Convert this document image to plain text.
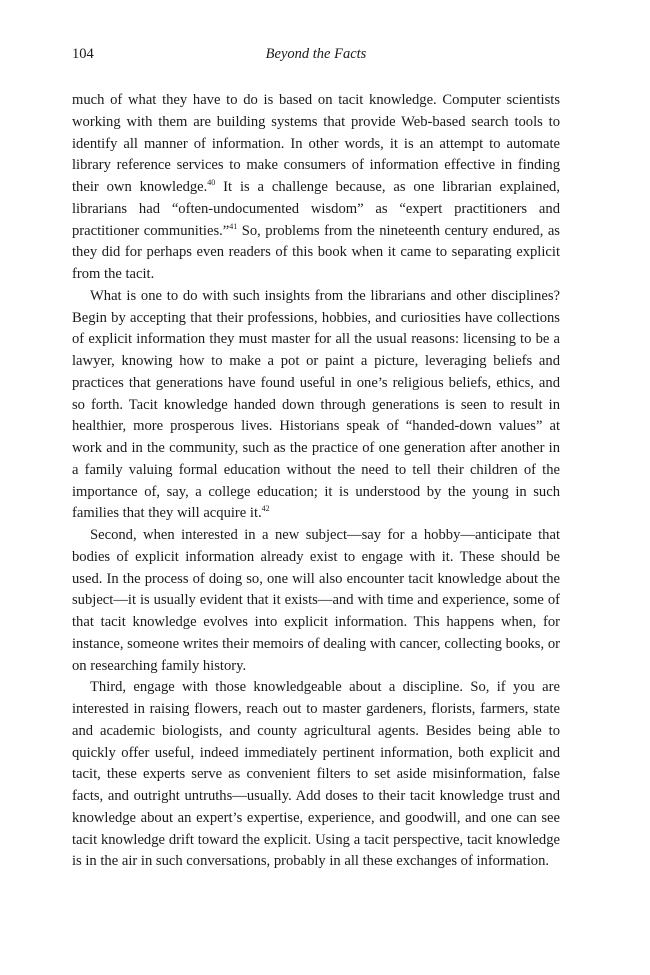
104	Beyond the Facts

much of what they have to do is based on tacit knowledge. Computer scientists working with them are building systems that provide Web-based search tools to identify all manner of information. In other words, it is an attempt to automate library reference services to make consumers of information effective in finding their own knowledge.$^{40}$ It is a challenge because, as one librarian explained, librarians had “often-undocumented wisdom” as “expert practitioners and practitioner communities.”$^{41}$ So, problems from the nineteenth century endured, as they did for perhaps even readers of this book when it came to separating explicit from the tacit.

What is one to do with such insights from the librarians and other disciplines? Begin by accepting that their professions, hobbies, and curiosities have collections of explicit information they must master for all the usual reasons: licensing to be a lawyer, knowing how to make a pot or paint a picture, leveraging beliefs and practices that generations have found useful in one’s religious beliefs, ethics, and so forth. Tacit knowledge handed down through generations is seen to result in healthier, more prosperous lives. Historians speak of “handed-down values” at work and in the community, such as the practice of one generation after another in a family valuing formal education without the need to tell their children of the importance of, say, a college education; it is understood by the young in such families that they will acquire it.$^{42}$

Second, when interested in a new subject—say for a hobby—anticipate that bodies of explicit information already exist to engage with it. These should be used. In the process of doing so, one will also encounter tacit knowledge about the subject—it is usually evident that it exists—and with time and experience, some of that tacit knowledge evolves into explicit information. This happens when, for instance, someone writes their memoirs of dealing with cancer, collecting books, or on researching family history.

Third, engage with those knowledgeable about a discipline. So, if you are interested in raising flowers, reach out to master gardeners, florists, farmers, state and academic biologists, and county agricultural agents. Besides being able to quickly offer useful, indeed immediately pertinent information, both explicit and tacit, these experts serve as convenient filters to set aside misinformation, false facts, and outright untruths—usually. Add doses to their tacit knowledge trust and knowledge about an expert’s expertise, experience, and goodwill, and one can see tacit knowledge drift toward the explicit. Using a tacit perspective, tacit knowledge is in the air in such conversations, probably in all these exchanges of information.
